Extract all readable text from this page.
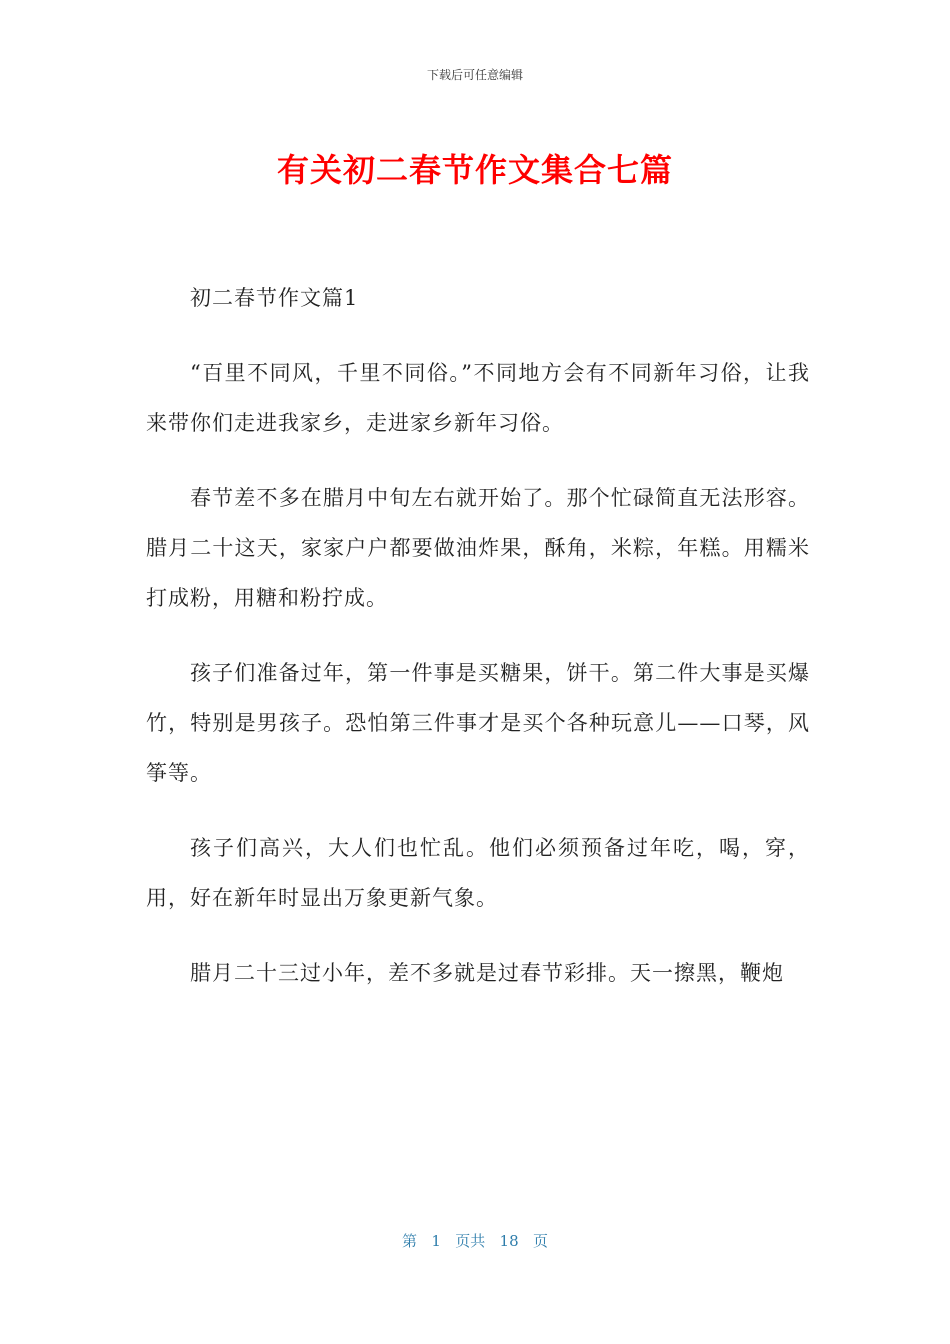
下载后可任意编辑
有关初二春节作文集合七篇

初二春节作文篇1

“百里不同风，千里不同俗。”不同地方会有不同新年习俗，让我来带你们走进我家乡，走进家乡新年习俗。

春节差不多在腊月中旬左右就开始了。那个忙碌简直无法形容。腊月二十这天，家家户户都要做油炸果，酥角，米粽，年糕。用糯米打成粉，用糖和粉拧成。

孩子们准备过年，第一件事是买糖果，饼干。第二件大事是买爆竹，特别是男孩子。恐怕第三件事才是买个各种玩意儿——口琴，风筝等。

孩子们高兴，大人们也忙乱。他们必须预备过年吃，喝，穿，用，好在新年时显出万象更新气象。

腊月二十三过小年，差不多就是过春节彩排。天一擦黑，鞭炮

第 1 页共 18 页
